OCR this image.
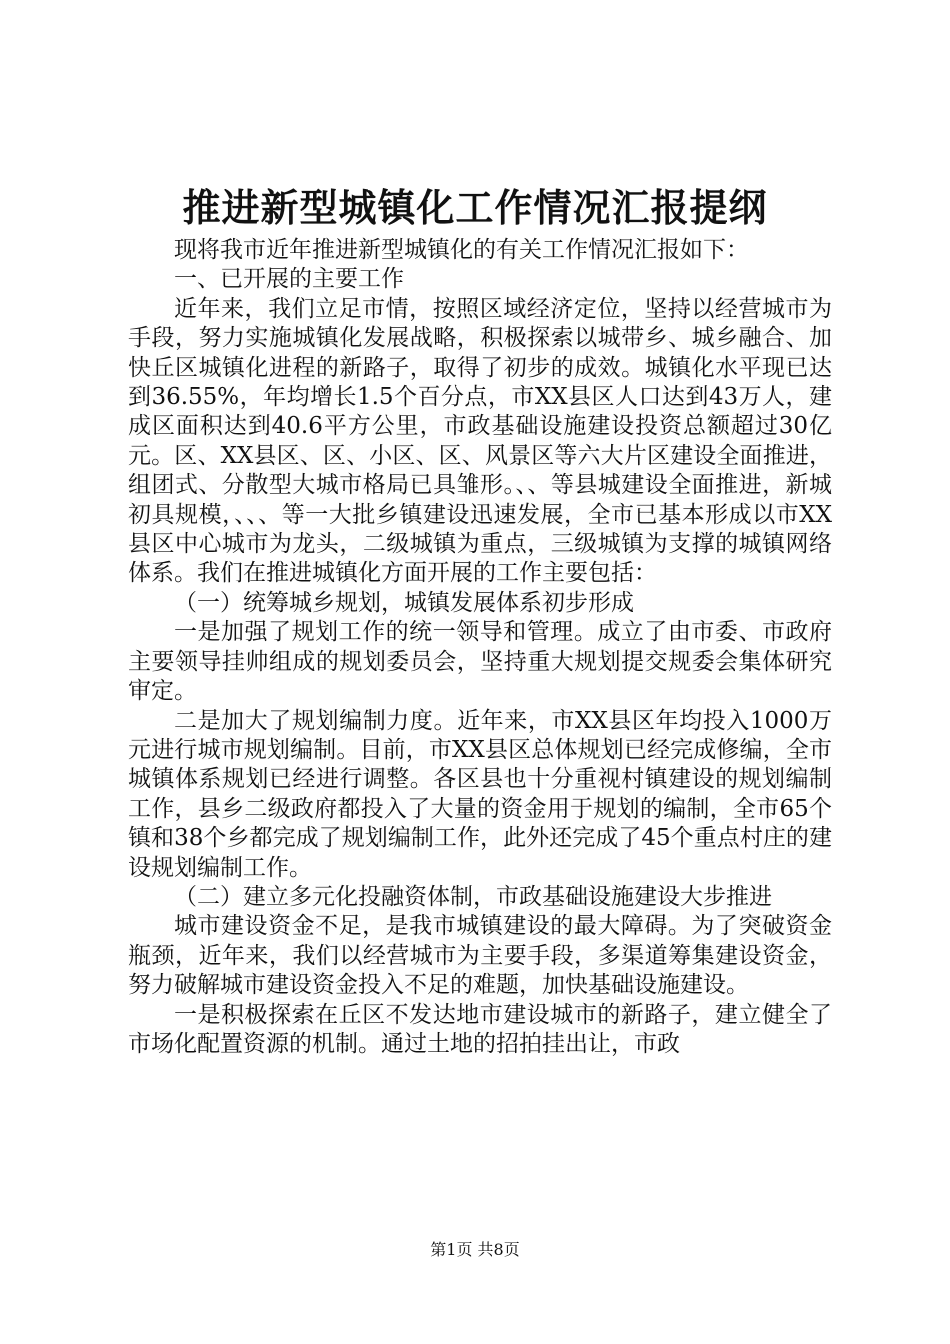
推进新型城镇化工作情况汇报提纲

现将我市近年推进新型城镇化的有关工作情况汇报如下：

一、已开展的主要工作

近年来，我们立足市情，按照区域经济定位，坚持以经营城市为手段，努力实施城镇化发展战略，积极探索以城带乡、城乡融合、加快丘区城镇化进程的新路子，取得了初步的成效。城镇化水平现已达到36.55%，年均增长1.5个百分点，市XX县区人口达到43万人，建成区面积达到40.6平方公里，市政基础设施建设投资总额超过30亿元。区、XX县区、区、小区、区、风景区等六大片区建设全面推进，组团式、分散型大城市格局已具雏形。、、等县城建设全面推进，新城初具规模，、、、等一大批乡镇建设迅速发展，全市已基本形成以市XX县区中心城市为龙头，二级城镇为重点，三级城镇为支撑的城镇网络体系。我们在推进城镇化方面开展的工作主要包括：

（一）统筹城乡规划，城镇发展体系初步形成

一是加强了规划工作的统一领导和管理。成立了由市委、市政府主要领导挂帅组成的规划委员会，坚持重大规划提交规委会集体研究审定。

二是加大了规划编制力度。近年来，市XX县区年均投入1000万元进行城市规划编制。目前，市XX县区总体规划已经完成修编，全市城镇体系规划已经进行调整。各区县也十分重视村镇建设的规划编制工作，县乡二级政府都投入了大量的资金用于规划的编制，全市65个镇和38个乡都完成了规划编制工作，此外还完成了45个重点村庄的建设规划编制工作。

（二）建立多元化投融资体制，市政基础设施建设大步推进

城市建设资金不足，是我市城镇建设的最大障碍。为了突破资金瓶颈，近年来，我们以经营城市为主要手段，多渠道筹集建设资金，努力破解城市建设资金投入不足的难题，加快基础设施建设。

一是积极探索在丘区不发达地市建设城市的新路子，建立健全了市场化配置资源的机制。通过土地的招拍挂出让，市政

第1页 共8页
